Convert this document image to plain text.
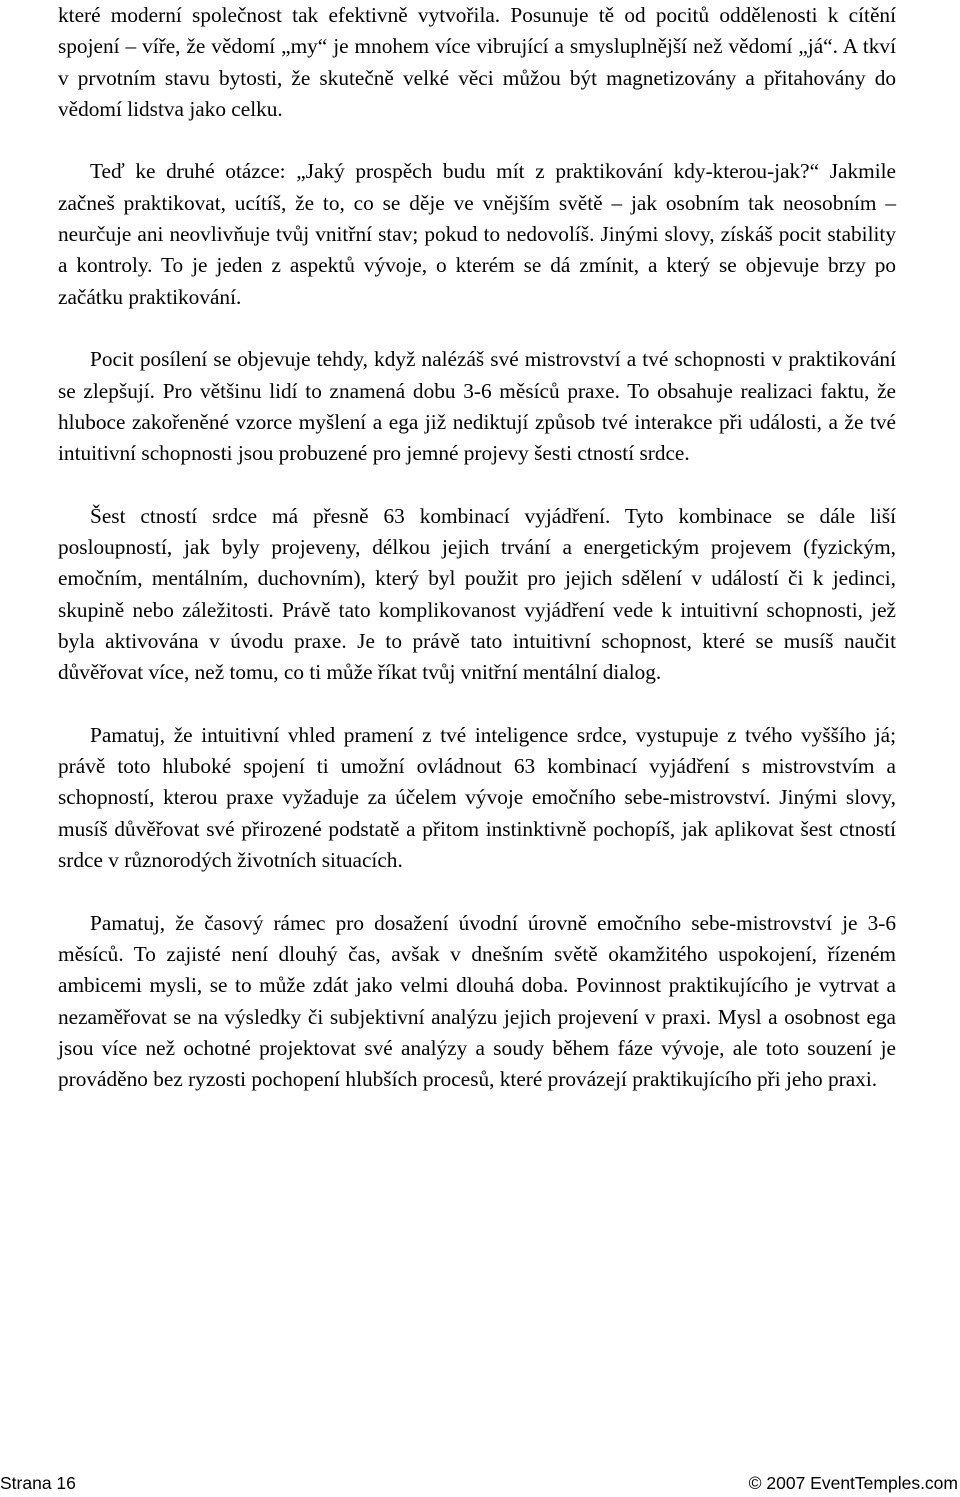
které moderní společnost tak efektivně vytvořila. Posunuje tě od pocitů oddělenosti k cítění spojení – víře, že vědomí „my“ je mnohem více vibrující a smysluplnější než vědomí „já“. A tkví v prvotním stavu bytosti, že skutečně velké věci můžou být magnetizovány a přitahovány do vědomí lidstva jako celku.

Teď ke druhé otázce: „Jaký prospěch budu mít z praktikování kdy-kterou-jak?“ Jakmile začneš praktikovat, ucítíš, že to, co se děje ve vnějším světě – jak osobním tak neosobním – neurčuje ani neovlivňuje tvůj vnitřní stav; pokud to nedovolíš. Jinými slovy, získáš pocit stability a kontroly. To je jeden z aspektů vývoje, o kterém se dá zmínit, a který se objevuje brzy po začátku praktikování.

Pocit posílení se objevuje tehdy, když nalézáš své mistrovství a tvé schopnosti v praktikování se zlepšují. Pro většinu lidí to znamená dobu 3-6 měsíců praxe. To obsahuje realizaci faktu, že hluboce zakořeněné vzorce myšlení a ega již nediktují způsob tvé interakce při události, a že tvé intuitivní schopnosti jsou probuzené pro jemné projevy šesti ctností srdce.

Šest ctností srdce má přesně 63 kombinací vyjádření. Tyto kombinace se dále liší posloupností, jak byly projeveny, délkou jejich trvání a energetickým projevem (fyzickým, emočním, mentálním, duchovním), který byl použit pro jejich sdělení v událostí či k jedinci, skupině nebo záležitosti. Právě tato komplikovanost vyjádření vede k intuitivní schopnosti, jež byla aktivována v úvodu praxe. Je to právě tato intuitivní schopnost, které se musíš naučit důvěřovat více, než tomu, co ti může říkat tvůj vnitřní mentální dialog.

Pamatuj, že intuitivní vhled pramení z tvé inteligence srdce, vystupuje z tvého vyššího já; právě toto hluboké spojení ti umožní ovládnout 63 kombinací vyjádření s mistrovstvím a schopností, kterou praxe vyžaduje za účelem vývoje emočního sebe-mistrovství. Jinými slovy, musíš důvěřovat své přirozené podstatě a přitom instinktivně pochopíš, jak aplikovat šest ctností srdce v různorodých životních situacích.

Pamatuj, že časový rámec pro dosažení úvodní úrovně emočního sebe-mistrovství je 3-6 měsíců. To zajisté není dlouhý čas, avšak v dnešním světě okamžitého uspokojení, řízeném ambicemi mysli, se to může zdát jako velmi dlouhá doba. Povinnost praktikujícího je vytrvat a nezaměřovat se na výsledky či subjektivní analýzu jejich projevení v praxi. Mysl a osobnost ega jsou více než ochotné projektovat své analýzy a soudy během fáze vývoje, ale toto souzení je prováděno bez ryzosti pochopení hlubších procesů, které provázejí praktikujícího při jeho praxi.

Strana 16	© 2007 EventTemples.com
